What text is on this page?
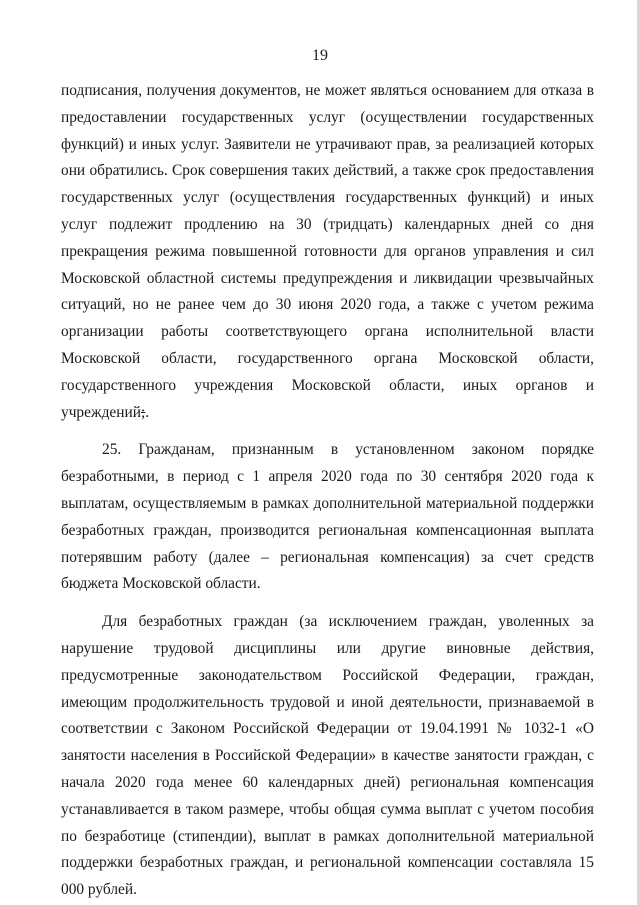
19

подписания, получения документов, не может являться основанием для отказа в предоставлении государственных услуг (осуществлении государственных функций) и иных услуг. Заявители не утрачивают прав, за реализацией которых они обратились. Срок совершения таких действий, а также срок предоставления государственных услуг (осуществления государственных функций) и иных услуг подлежит продлению на 30 (тридцать) календарных дней со дня прекращения режима повышенной готовности для органов управления и сил Московской областной системы предупреждения и ликвидации чрезвычайных ситуаций, но не ранее чем до 30 июня 2020 года, а также с учетом режима организации работы соответствующего органа исполнительной власти Московской области, государственного органа Московской области, государственного учреждения Московской области, иных органов и учреждений;.

25. Гражданам, признанным в установленном законом порядке безработными, в период с 1 апреля 2020 года по 30 сентября 2020 года к выплатам, осуществляемым в рамках дополнительной материальной поддержки безработных граждан, производится региональная компенсационная выплата потерявшим работу (далее – региональная компенсация) за счет средств бюджета Московской области.

Для безработных граждан (за исключением граждан, уволенных за нарушение трудовой дисциплины или другие виновные действия, предусмотренные законодательством Российской Федерации, граждан, имеющим продолжительность трудовой и иной деятельности, признаваемой в соответствии с Законом Российской Федерации от 19.04.1991 № 1032-1 «О занятости населения в Российской Федерации» в качестве занятости граждан, с начала 2020 года менее 60 календарных дней) региональная компенсация устанавливается в таком размере, чтобы общая сумма выплат с учетом пособия по безработице (стипендии), выплат в рамках дополнительной материальной поддержки безработных граждан, и региональной компенсации составляла 15 000 рублей.
